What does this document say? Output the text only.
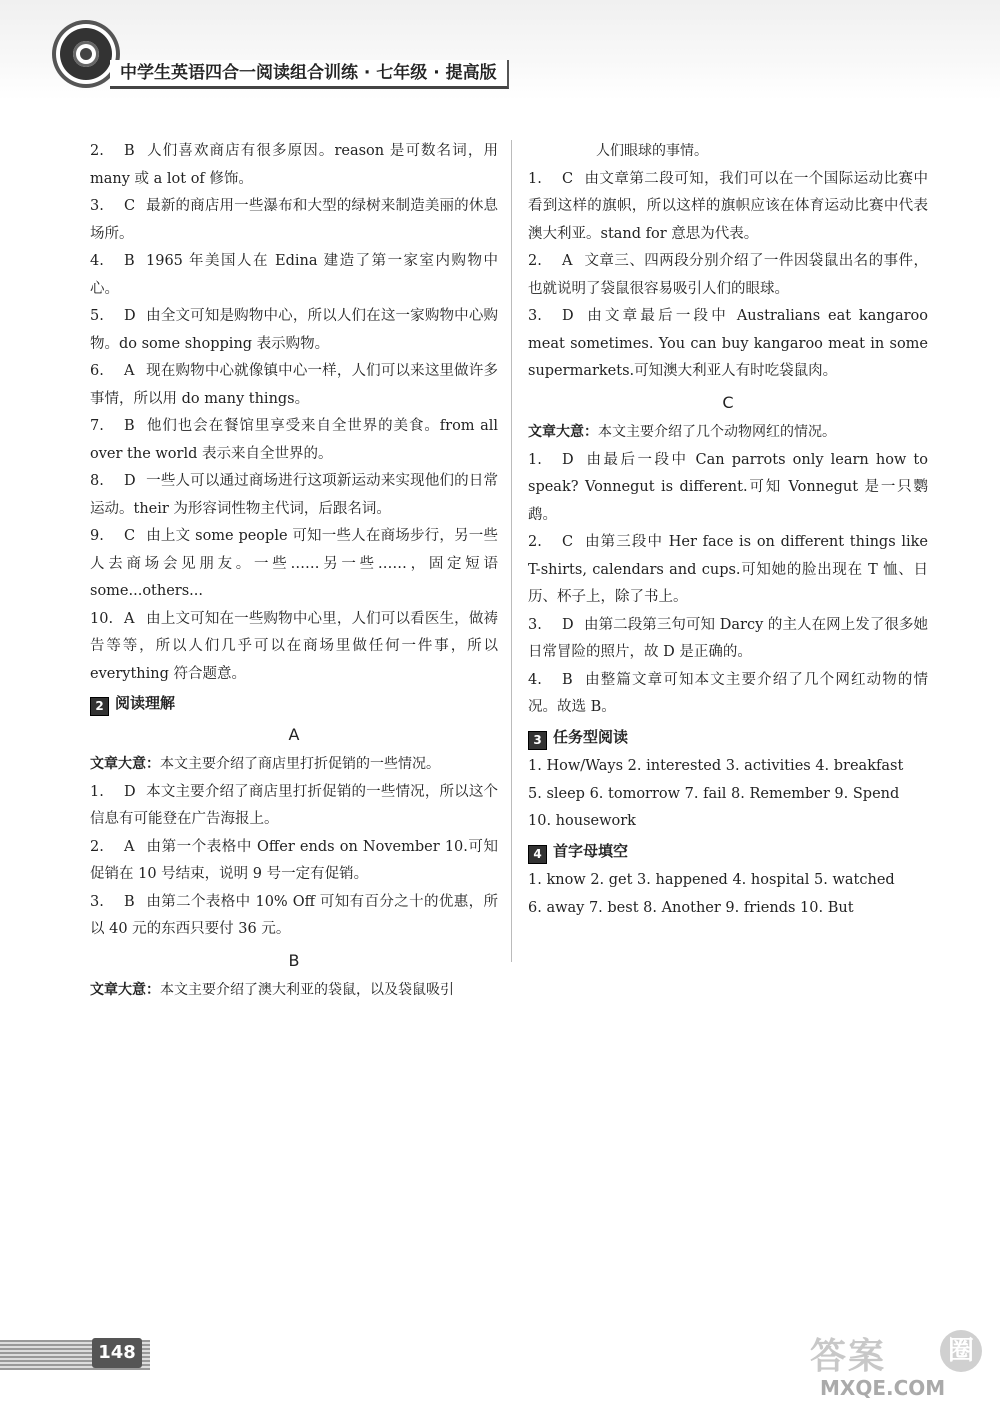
中学生英语四合一阅读组合训练 · 七年级 · 提高版
2. B 人们喜欢商店有很多原因。reason 是可数名词，用 many 或 a lot of 修饰。
3. C 最新的商店用一些瀑布和大型的绿树来制造美丽的休息场所。
4. B 1965 年美国人在 Edina 建造了第一家室内购物中心。
5. D 由全文可知是购物中心，所以人们在这一家购物中心购物。do some shopping 表示购物。
6. A 现在购物中心就像镇中心一样，人们可以来这里做许多事情，所以用 do many things。
7. B 他们也会在餐馆里享受来自全世界的美食。from all over the world 表示来自全世界的。
8. D 一些人可以通过商场进行这项新运动来实现他们的日常运动。their 为形容词性物主代词，后跟名词。
9. C 由上文 some people 可知一些人在商场步行，另一些人去商场会见朋友。一些……另一些……，固定短语 some...others...
10. A 由上文可知在一些购物中心里，人们可以看医生，做祷告等等，所以人们几乎可以在商场里做任何一件事，所以 everything 符合题意。
2 阅读理解
A
文章大意：本文主要介绍了商店里打折促销的一些情况。
1. D 本文主要介绍了商店里打折促销的一些情况，所以这个信息有可能登在广告海报上。
2. A 由第一个表格中 Offer ends on November 10.可知促销在 10 号结束，说明 9 号一定有促销。
3. B 由第二个表格中 10% Off 可知有百分之十的优惠，所以 40 元的东西只要付 36 元。
B
文章大意：本文主要介绍了澳大利亚的袋鼠，以及袋鼠吸引
人们眼球的事情。
1. C 由文章第二段可知，我们可以在一个国际运动比赛中看到这样的旗帜，所以这样的旗帜应该在体育运动比赛中代表澳大利亚。stand for 意思为代表。
2. A 文章三、四两段分别介绍了一件因袋鼠出名的事件，也就说明了袋鼠很容易吸引人们的眼球。
3. D 由文章最后一段中 Australians eat kangaroo meat sometimes. You can buy kangaroo meat in some supermarkets.可知澳大利亚人有时吃袋鼠肉。
C
文章大意：本文主要介绍了几个动物网红的情况。
1. D 由最后一段中 Can parrots only learn how to speak? Vonnegut is different.可知 Vonnegut 是一只鹦鹉。
2. C 由第三段中 Her face is on different things like T-shirts, calendars and cups.可知她的脸出现在 T 恤、日历、杯子上，除了书上。
3. D 由第二段第三句可知 Darcy 的主人在网上发了很多她日常冒险的照片，故 D 是正确的。
4. B 由整篇文章可知本文主要介绍了几个网红动物的情况。故选 B。
3 任务型阅读
1. How/Ways 2. interested 3. activities 4. breakfast
5. sleep 6. tomorrow 7. fail 8. Remember 9. Spend
10. housework
4 首字母填空
1. know 2. get 3. happened 4. hospital 5. watched
6. away 7. best 8. Another 9. friends 10. But
148	答案	圈
MXQE.COM
